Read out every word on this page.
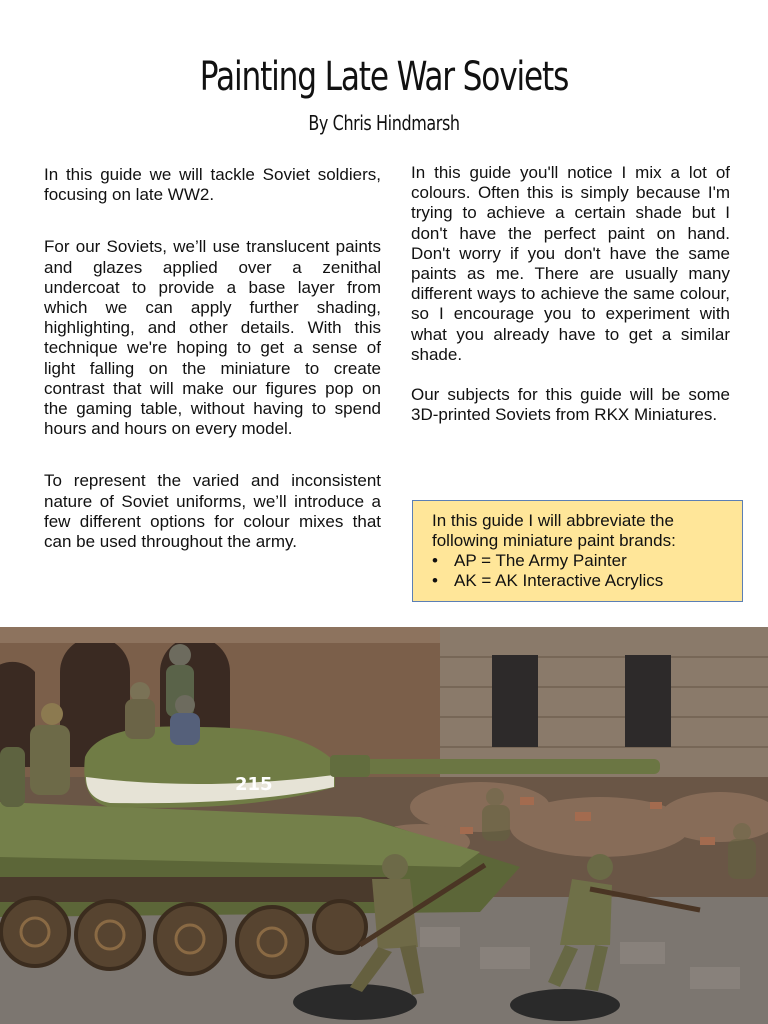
Painting Late War Soviets
By Chris Hindmarsh

In this guide we will tackle Soviet soldiers, focusing on late WW2.

For our Soviets, we’ll use translucent paints and glazes applied over a zenithal undercoat to provide a base layer from which we can apply further shading, highlighting, and other details. With this technique we're hoping to get a sense of light falling on the miniature to create contrast that will make our figures pop on the gaming table, without having to spend hours and hours on every model.

To represent the varied and inconsistent nature of Soviet uniforms, we’ll introduce a few different options for colour mixes that can be used throughout the army.

In this guide you'll notice I mix a lot of colours. Often this is simply because I'm trying to achieve a certain shade but I don't have the perfect paint on hand. Don't worry if you don't have the same paints as me. There are usually many different ways to achieve the same colour, so I encourage you to experiment with what you already have to get a similar shade.

Our subjects for this guide will be some 3D-printed Soviets from RKX Miniatures.

In this guide I will abbreviate the following miniature paint brands:
• AP = The Army Painter
• AK = AK Interactive Acrylics
215
